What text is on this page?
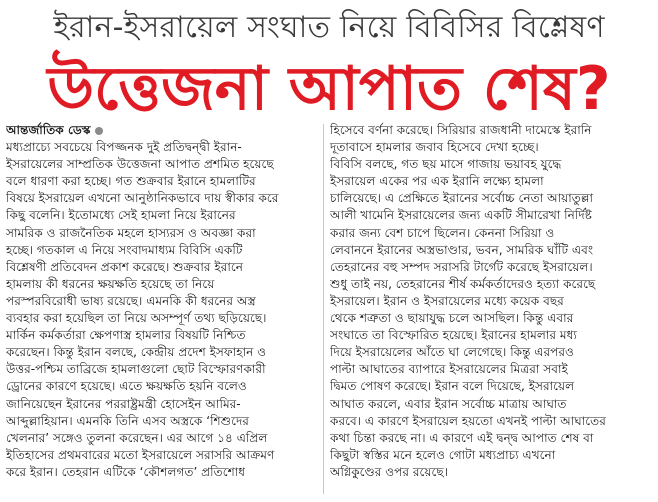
ইরান-ইসরায়েল সংঘাত নিয়ে বিবিসির বিশ্লেষণ
উত্তেজনা আপাত শেষ?
আন্তর্জাতিক ডেস্ক
মধ্যপ্রাচ্যে সবচেয়ে বিপজ্জনক দুই প্রতিদ্বন্দ্বী ইরান-
ইসরায়েলের সাম্প্রতিক উত্তেজনা আপাত প্রশমিত হয়েছে
বলে ধারণা করা হচ্ছে। গত শুক্রবার ইরানে হামলাটির
বিষয়ে ইসরায়েল এখনো আনুষ্ঠানিকভাবে দায় স্বীকার করে
কিছু বলেনি। ইতোমধ্যে সেই হামলা নিয়ে ইরানের
সামরিক ও রাজনৈতিক মহলে হাস্যরস ও অবজ্ঞা করা
হচ্ছে। গতকাল এ নিয়ে সংবাদমাধ্যম বিবিসি একটি
বিশ্লেষণী প্রতিবেদন প্রকাশ করেছে। শুক্রবার ইরানে
হামলায় কী ধরনের ক্ষয়ক্ষতি হয়েছে তা নিয়ে
পরস্পরবিরোধী ভাষ্য রয়েছে। এমনকি কী ধরনের অস্ত্র
ব্যবহার করা হয়েছিল তা নিয়ে অসম্পূর্ণ তথ্য ছড়িয়েছে।
মার্কিন কর্মকর্তারা ক্ষেপণাস্ত্র হামলার বিষয়টি নিশ্চিত
করেছেন। কিন্তু ইরান বলছে, কেন্দ্রীয় প্রদেশ ইসফাহান ও
উত্তর-পশ্চিম তাব্রিজে হামলাগুলো ছোট বিস্ফোরণকারী
ড্রোনের কারণে হয়েছে। এতে ক্ষয়ক্ষতি হয়নি বলেও
জানিয়েছেন ইরানের পররাষ্ট্রমন্ত্রী হোসেইন আমির-
আব্দুল্লাহিয়ান। এমনকি তিনি এসব অস্ত্রকে ‘শিশুদের
খেলনার’ সঙ্গেও তুলনা করেছেন। এর আগে ১৪ এপ্রিল
ইতিহাসের প্রথমবারের মতো ইসরায়েলে সরাসরি আক্রমণ
করে ইরান। তেহরান এটিকে ‘কৌশলগত’ প্রতিশোধ
হিসেবে বর্ণনা করেছে। সিরিয়ার রাজধানী দামেস্কে ইরানি
দূতাবাসে হামলার জবাব হিসেবে দেখা হচ্ছে।
বিবিসি বলছে, গত ছয় মাসে গাজায় ভয়াবহ যুদ্ধে
ইসরায়েল একের পর এক ইরানি লক্ষ্যে হামলা
চালিয়েছে। এ প্রেক্ষিতে ইরানের সর্বোচ্চ নেতা আয়াতুল্লা
আলী খামেনি ইসরায়েলের জন্য একটি সীমারেখা নির্দিষ্ট
করার জন্য বেশ চাপে ছিলেন। কেননা সিরিয়া ও
লেবাননে ইরানের অস্ত্রভাণ্ডার, ভবন, সামরিক ঘাঁটি এবং
তেহরানের বহু সম্পদ সরাসরি টার্গেট করেছে ইসরায়েল।
শুধু তাই নয়, তেহরানের শীর্ষ কর্মকর্তাদেরও হত্যা করেছে
ইসরায়েল। ইরান ও ইসরায়েলের মধ্যে কয়েক বছর
থেকে শত্রুতা ও ছায়াযুদ্ধ চলে আসছিল। কিন্তু এবার
সংঘাতে তা বিস্ফোরিত হয়েছে। ইরানের হামলার মধ্য
দিয়ে ইসরায়েলের আঁতে ঘা লেগেছে। কিন্তু এরপরও
পাল্টা আঘাতের ব্যাপারে ইসরায়েলের মিত্ররা সবাই
দ্বিমত পোষণ করেছে। ইরান বলে দিয়েছে, ইসরায়েল
আঘাত করলে, এবার ইরান সর্বোচ্চ মাত্রায় আঘাত
করবে। এ কারণে ইসরায়েল হয়তো এখনই পাল্টা আঘাতের
কথা চিন্তা করছে না। এ কারণে এই দ্বন্দ্ব আপাত শেষ বা
কিছুটা স্বস্তির মনে হলেও গোটা মধ্যপ্রাচ্য এখনো
অগ্নিকুণ্ডের ওপর রয়েছে।
